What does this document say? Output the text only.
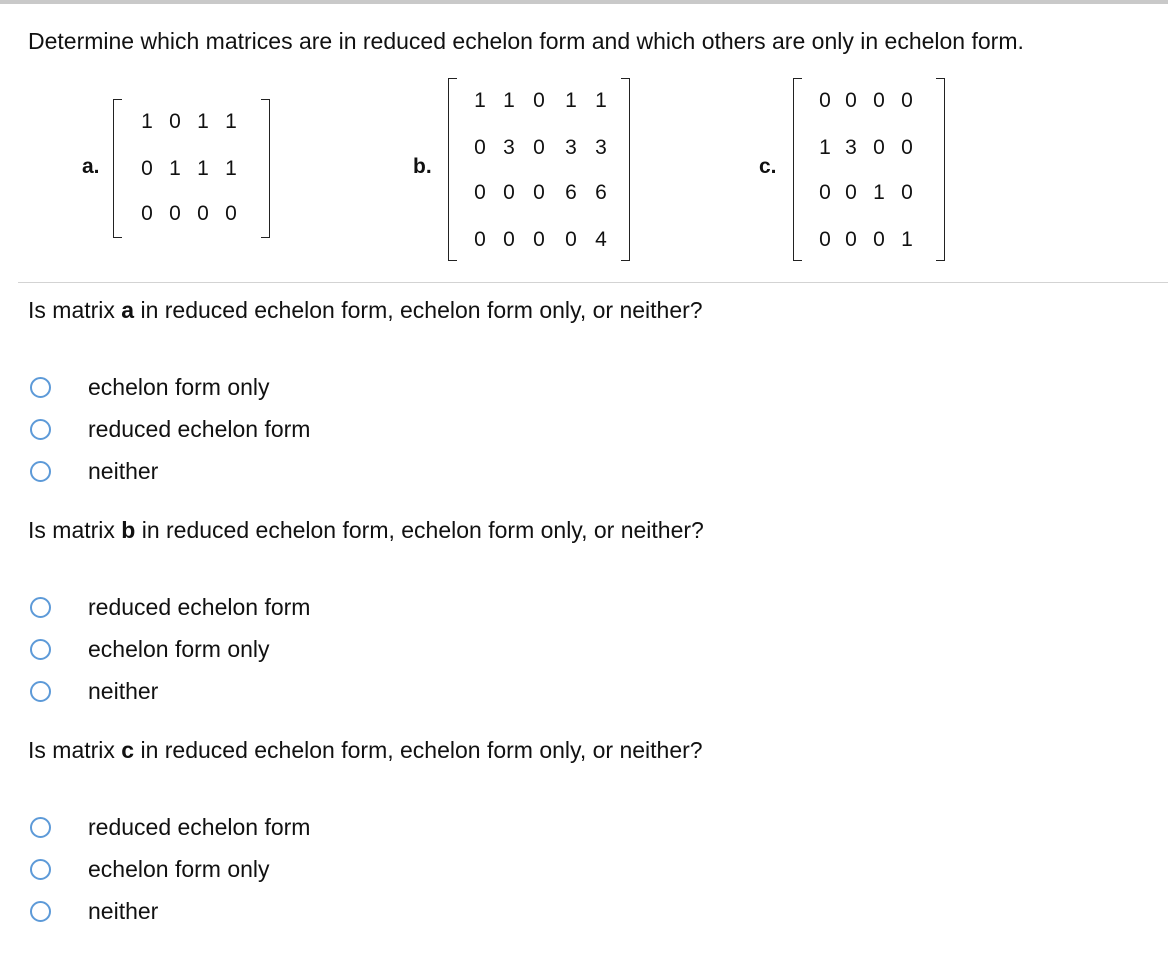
Determine which matrices are in reduced echelon form and which others are only in echelon form.
a.
1 0 1 1
0 1 1 1
0 0 0 0
b.
1 1 0 1 1
0 3 0 3 3
0 0 0 6 6
0 0 0 0 4
c.
0 0 0 0
1 3 0 0
0 0 1 0
0 0 0 1
Is matrix a in reduced echelon form, echelon form only, or neither?
echelon form only
reduced echelon form
neither
Is matrix b in reduced echelon form, echelon form only, or neither?
reduced echelon form
echelon form only
neither
Is matrix c in reduced echelon form, echelon form only, or neither?
reduced echelon form
echelon form only
neither
